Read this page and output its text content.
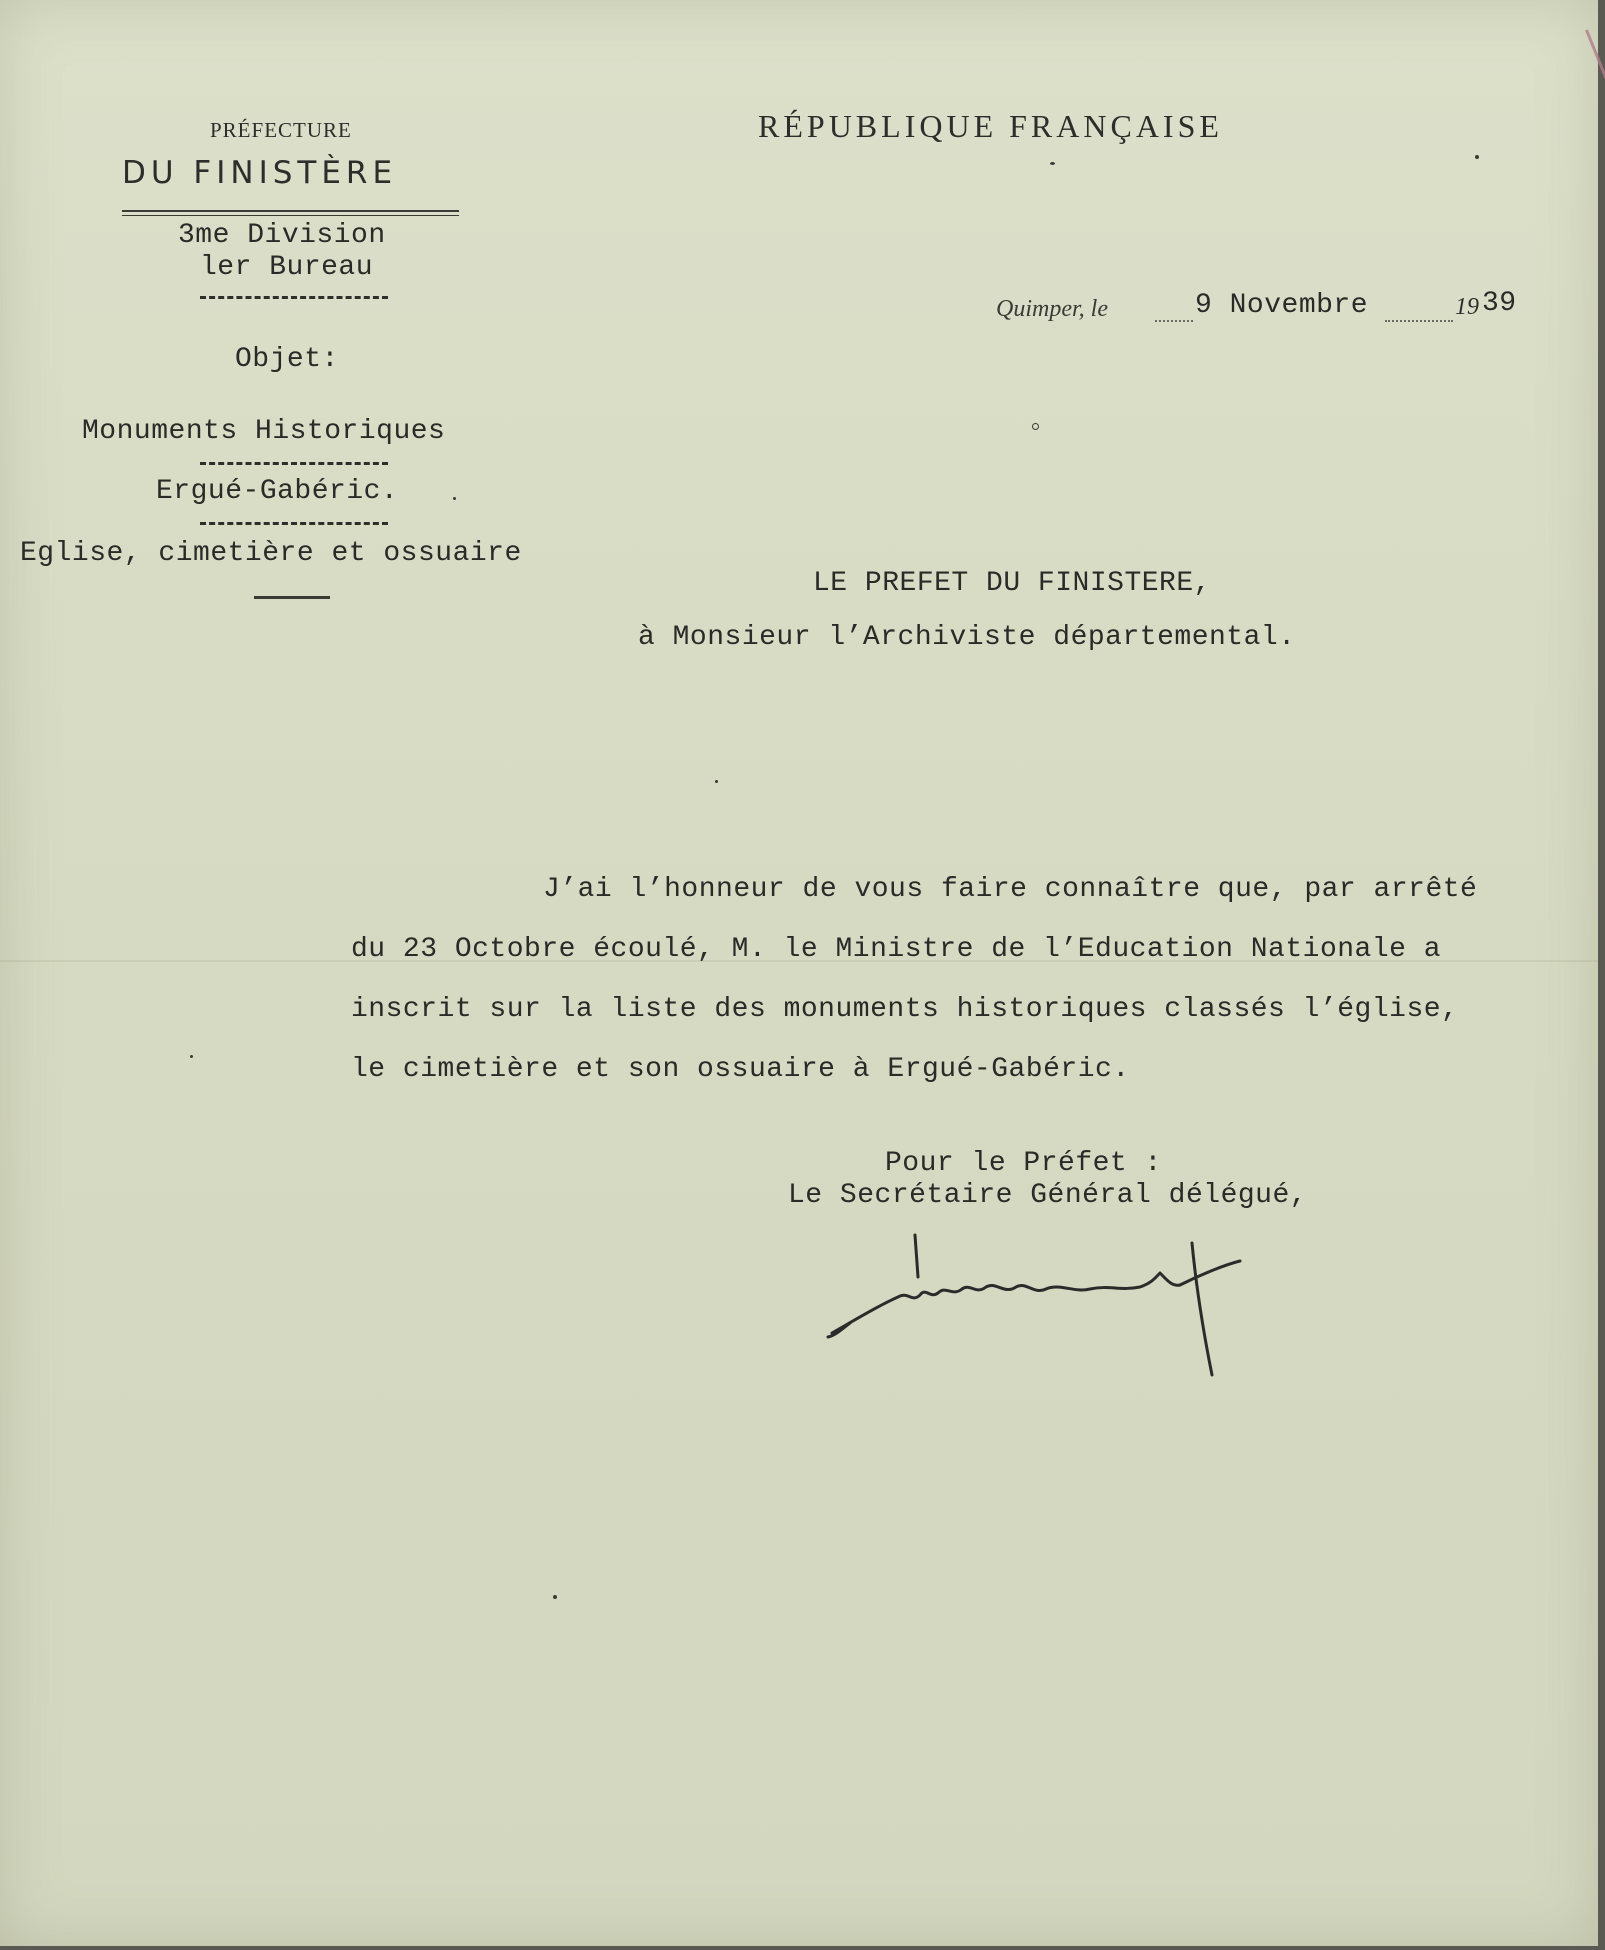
PRÉFECTURE
DU FINISTÈRE
RÉPUBLIQUE FRANÇAISE
3me Division
ler Bureau
Quimper, le	9 Novembre	19 39
Objet:
Monuments Historiques
Ergué-Gabéric.
Eglise, cimetière et ossuaire
LE PREFET DU FINISTERE,
à Monsieur l’Archiviste départemental.
J’ai l’honneur de vous faire connaître que, par arrêté
du 23 Octobre écoulé, M. le Ministre de l’Education Nationale a
inscrit sur la liste des monuments historiques classés l’église,
le cimetière et son ossuaire à Ergué-Gabéric.
Pour le Préfet :
Le Secrétaire Général délégué,
